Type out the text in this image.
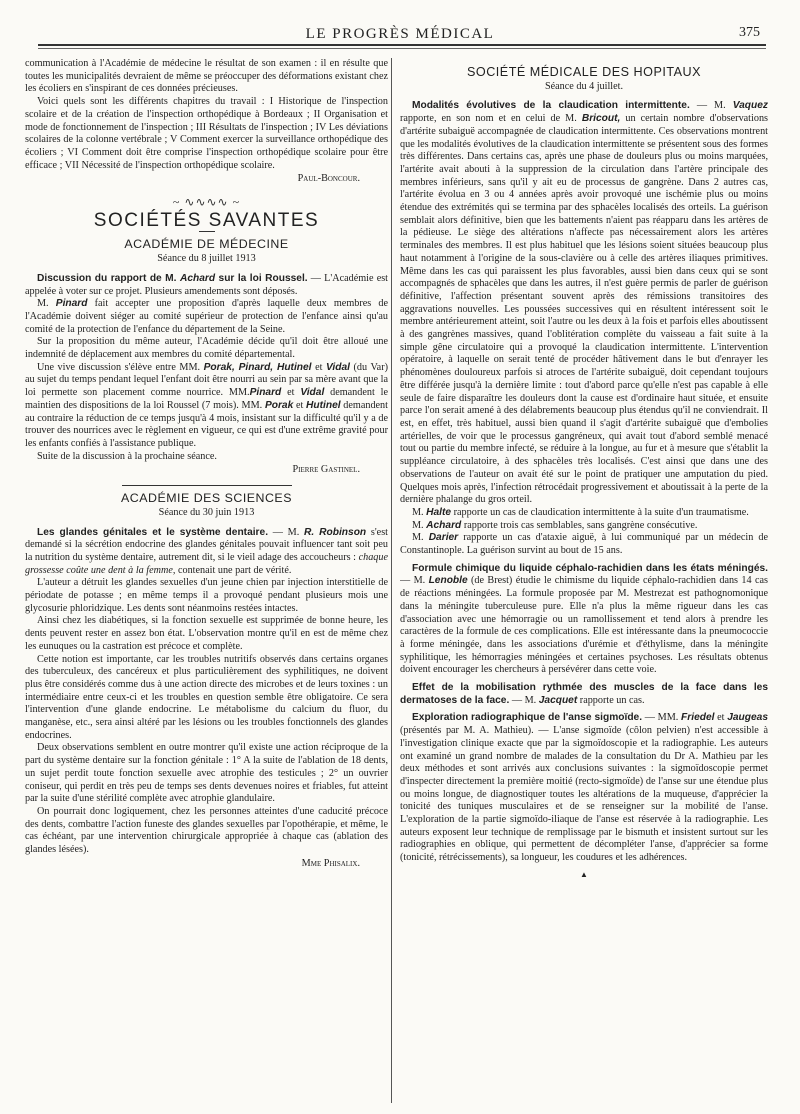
LE PROGRÈS MÉDICAL	375

communication à l'Académie de médecine le résultat de son examen : il en résulte que toutes les municipalités devraient de même se préoccuper des déformations existant chez les écoliers en s'inspirant de ces données précieuses.

Voici quels sont les différents chapitres du travail : I Historique de l'inspection scolaire et de la création de l'inspection orthopédique à Bordeaux ; II Organisation et mode de fonctionnement de l'inspection ; III Résultats de l'inspection ; IV Les déviations scolaires de la colonne vertébrale ; V Comment exercer la surveillance orthopédique des écoliers ; VI Comment doit être comprise l'inspection orthopédique scolaire pour être efficace ; VII Nécessité de l'inspection orthopédique scolaire.

Paul-Boncour.
~ ∿∿∿∿ ~
SOCIÉTÉS SAVANTES
ACADÉMIE DE MÉDECINE
Séance du 8 juillet 1913

Discussion du rapport de M. Achard sur la loi Roussel. — L'Académie est appelée à voter sur ce projet. Plusieurs amendements sont déposés.

M. Pinard fait accepter une proposition d'après laquelle deux membres de l'Académie doivent siéger au comité supérieur de protection de l'enfance ainsi qu'au comité de la protection de l'enfance du département de la Seine.

Sur la proposition du même auteur, l'Académie décide qu'il doit être alloué une indemnité de déplacement aux membres du comité départemental.

Une vive discussion s'élève entre MM. Porak, Pinard, Hutinel et Vidal (du Var) au sujet du temps pendant lequel l'enfant doit être nourri au sein par sa mère avant que la loi permette son placement comme nourrice. MM.Pinard et Vidal demandent le maintien des dispositions de la loi Roussel (7 mois). MM. Porak et Hutinel demandent au contraire la réduction de ce temps jusqu'à 4 mois, insistant sur la difficulté qu'il y a de trouver des nourrices avec le règlement en vigueur, ce qui est d'une extrême gravité pour les enfants confiés à l'assistance publique.

Suite de la discussion à la prochaine séance.

Pierre Gastinel.
ACADÉMIE DES SCIENCES
Séance du 30 juin 1913

Les glandes génitales et le système dentaire. — M. R. Robinson s'est demandé si la sécrétion endocrine des glandes génitales pouvait influencer tant soit peu la nutrition du système dentaire, autrement dit, si le vieil adage des accoucheurs : chaque grossesse coûte une dent à la femme, contenait une part de vérité.

L'auteur a détruit les glandes sexuelles d'un jeune chien par injection interstitielle de périodate de potasse ; en même temps il a provoqué pendant plusieurs mois une glycosurie phloridzique. Les dents sont néanmoins restées intactes.

Ainsi chez les diabétiques, si la fonction sexuelle est supprimée de bonne heure, les dents peuvent rester en assez bon état. L'observation montre qu'il en est de même chez les eunuques ou la castration est précoce et complète.

Cette notion est importante, car les troubles nutritifs observés dans certains organes des tuberculeux, des cancéreux et plus particulièrement des syphilitiques, ne doivent plus être considérés comme dus à une action directe des microbes et de leurs toxines : un intermédiaire entre ceux-ci et les troubles en question semble être obligatoire. Ce sera l'intervention d'une glande endocrine. Le métabolisme du calcium du fluor, du manganèse, etc., sera ainsi altéré par les lésions ou les troubles fonctionnels des glandes endocrines.

Deux observations semblent en outre montrer qu'il existe une action réciproque de la part du système dentaire sur la fonction génitale : 1° A la suite de l'ablation de 18 dents, un sujet perdit toute fonction sexuelle avec atrophie des testicules ; 2° un ouvrier coniseur, qui perdit en très peu de temps ses dents devenues noires et friables, fut atteint par la suite d'une stérilité complète avec atrophie glandulaire.

On pourrait donc logiquement, chez les personnes atteintes d'une caducité précoce des dents, combattre l'action funeste des glandes sexuelles par l'opothérapie, et même, le cas échéant, par une intervention chirurgicale appropriée à chaque cas (ablation des glandes lésées).

Mme Phisalix.
SOCIÉTÉ MÉDICALE DES HOPITAUX
Séance du 4 juillet.

Modalités évolutives de la claudication intermittente. — M. Vaquez rapporte, en son nom et en celui de M. Bricout, un certain nombre d'observations d'artérite subaiguë accompagnée de claudication intermittente. Ces observations montrent que les modalités évolutives de la claudication intermittente se présentent sous des formes très différentes. Dans certains cas, après une phase de douleurs plus ou moins marquées, l'artérite avait abouti à la suppression de la circulation dans l'artère principale des membres inférieurs, sans qu'il y ait eu de processus de gangrène. Dans 2 autres cas, l'artérite évolua en 3 ou 4 années après avoir provoqué une ischémie plus ou moins étendue des extrémités qui se termina par des sphacèles localisés des orteils. La guérison semblait alors définitive, bien que les battements n'aient pas réapparu dans les artères de la pédieuse. Le siège des altérations n'affecte pas nécessairement alors les artères terminales des membres. Il est plus habituel que les lésions soient situées beaucoup plus haut notamment à l'origine de la sous-clavière ou à celle des artères iliaques primitives. Même dans les cas qui paraissent les plus favorables, aussi bien dans ceux qui se sont accompagnés de sphacèles que dans les autres, il n'est guère permis de parler de guérison définitive, l'affection présentant souvent après des rémissions transitoires des aggravations nouvelles. Les poussées successives qui en résultent intéressent soit le membre antérieurement atteint, soit l'autre ou les deux à la fois et parfois elles aboutissent à des gangrènes massives, quand l'oblitération complète du vaisseau a fait suite à la simple gêne circulatoire qui a provoqué la claudication intermittente. L'intervention opératoire, à laquelle on serait tenté de procéder hâtivement dans le but d'enrayer les phénomènes douloureux parfois si atroces de l'artérite subaiguë, doit cependant toujours être différée jusqu'à la dernière limite : tout d'abord parce qu'elle n'est pas capable à elle seule de faire disparaître les douleurs dont la cause est d'ordinaire haut située, et ensuite parce l'on serait amené à des délabrements beaucoup plus étendus qu'il ne conviendrait. Il est, en effet, très habituel, aussi bien quand il s'agit d'artérite subaiguë que d'embolies artérielles, de voir que le processus gangréneux, qui avait tout d'abord semblé menacé tout ou partie du membre infecté, se réduire à la longue, au fur et à mesure que s'établit la suppléance circulatoire, à des sphacèles très localisés. C'est ainsi que dans une des observations de l'auteur on avait été sur le point de pratiquer une amputation du pied. Quelques mois après, l'infection rétrocédait progressivement et aboutissait à la perte de la dernière phalange du gros orteil.

M. Halte rapporte un cas de claudication intermittente à la suite d'un traumatisme.

M. Achard rapporte trois cas semblables, sans gangrène consécutive.

M. Darier rapporte un cas d'ataxie aiguë, à lui communiqué par un médecin de Constantinople. La guérison survint au bout de 15 ans.

Formule chimique du liquide céphalo-rachidien dans les états méningés. — M. Lenoble (de Brest) étudie le chimisme du liquide céphalo-rachidien dans 14 cas de réactions méningées. La formule proposée par M. Mestrezat est pathognomonique dans la méningite tuberculeuse pure. Elle n'a plus la même rigueur dans les cas d'association avec une hémorragie ou un ramollissement et tend alors à prendre les caractères de la formule de ces complications. Elle est intéressante dans la pneumococcie à forme méningée, dans les associations d'urémie et d'éthylisme, dans la méningite syphilitique, les hémorragies méningées et certaines psychoses. Les résultats obtenus doivent encourager les chercheurs à persévérer dans cette voie.

Effet de la mobilisation rythmée des muscles de la face dans les dermatoses de la face. — M. Jacquet rapporte un cas.

Exploration radiographique de l'anse sigmoïde. — MM. Friedel et Jaugeas (présentés par M. A. Mathieu). — L'anse sigmoïde (côlon pelvien) n'est accessible à l'investigation clinique exacte que par la sigmoïdoscopie et la radiographie. Les auteurs ont examiné un grand nombre de malades de la consultation du Dr A. Mathieu par les deux méthodes et sont arrivés aux conclusions suivantes : la sigmoïdoscopie permet d'inspecter directement la première moitié (recto-sigmoïde) de l'anse sur une étendue plus ou moins longue, de diagnostiquer toutes les altérations de la muqueuse, d'apprécier la tonicité des tuniques musculaires et de se renseigner sur la mobilité de l'anse. L'exploration de la partie sigmoïdo-iliaque de l'anse est réservée à la radiographie. Les auteurs exposent leur technique de remplissage par le bismuth et insistent surtout sur les radiographies en oblique, qui permettent de décompléter l'anse, d'apprécier sa forme (tonicité, rétrécissements), sa longueur, les coudures et les adhérences.

▲
